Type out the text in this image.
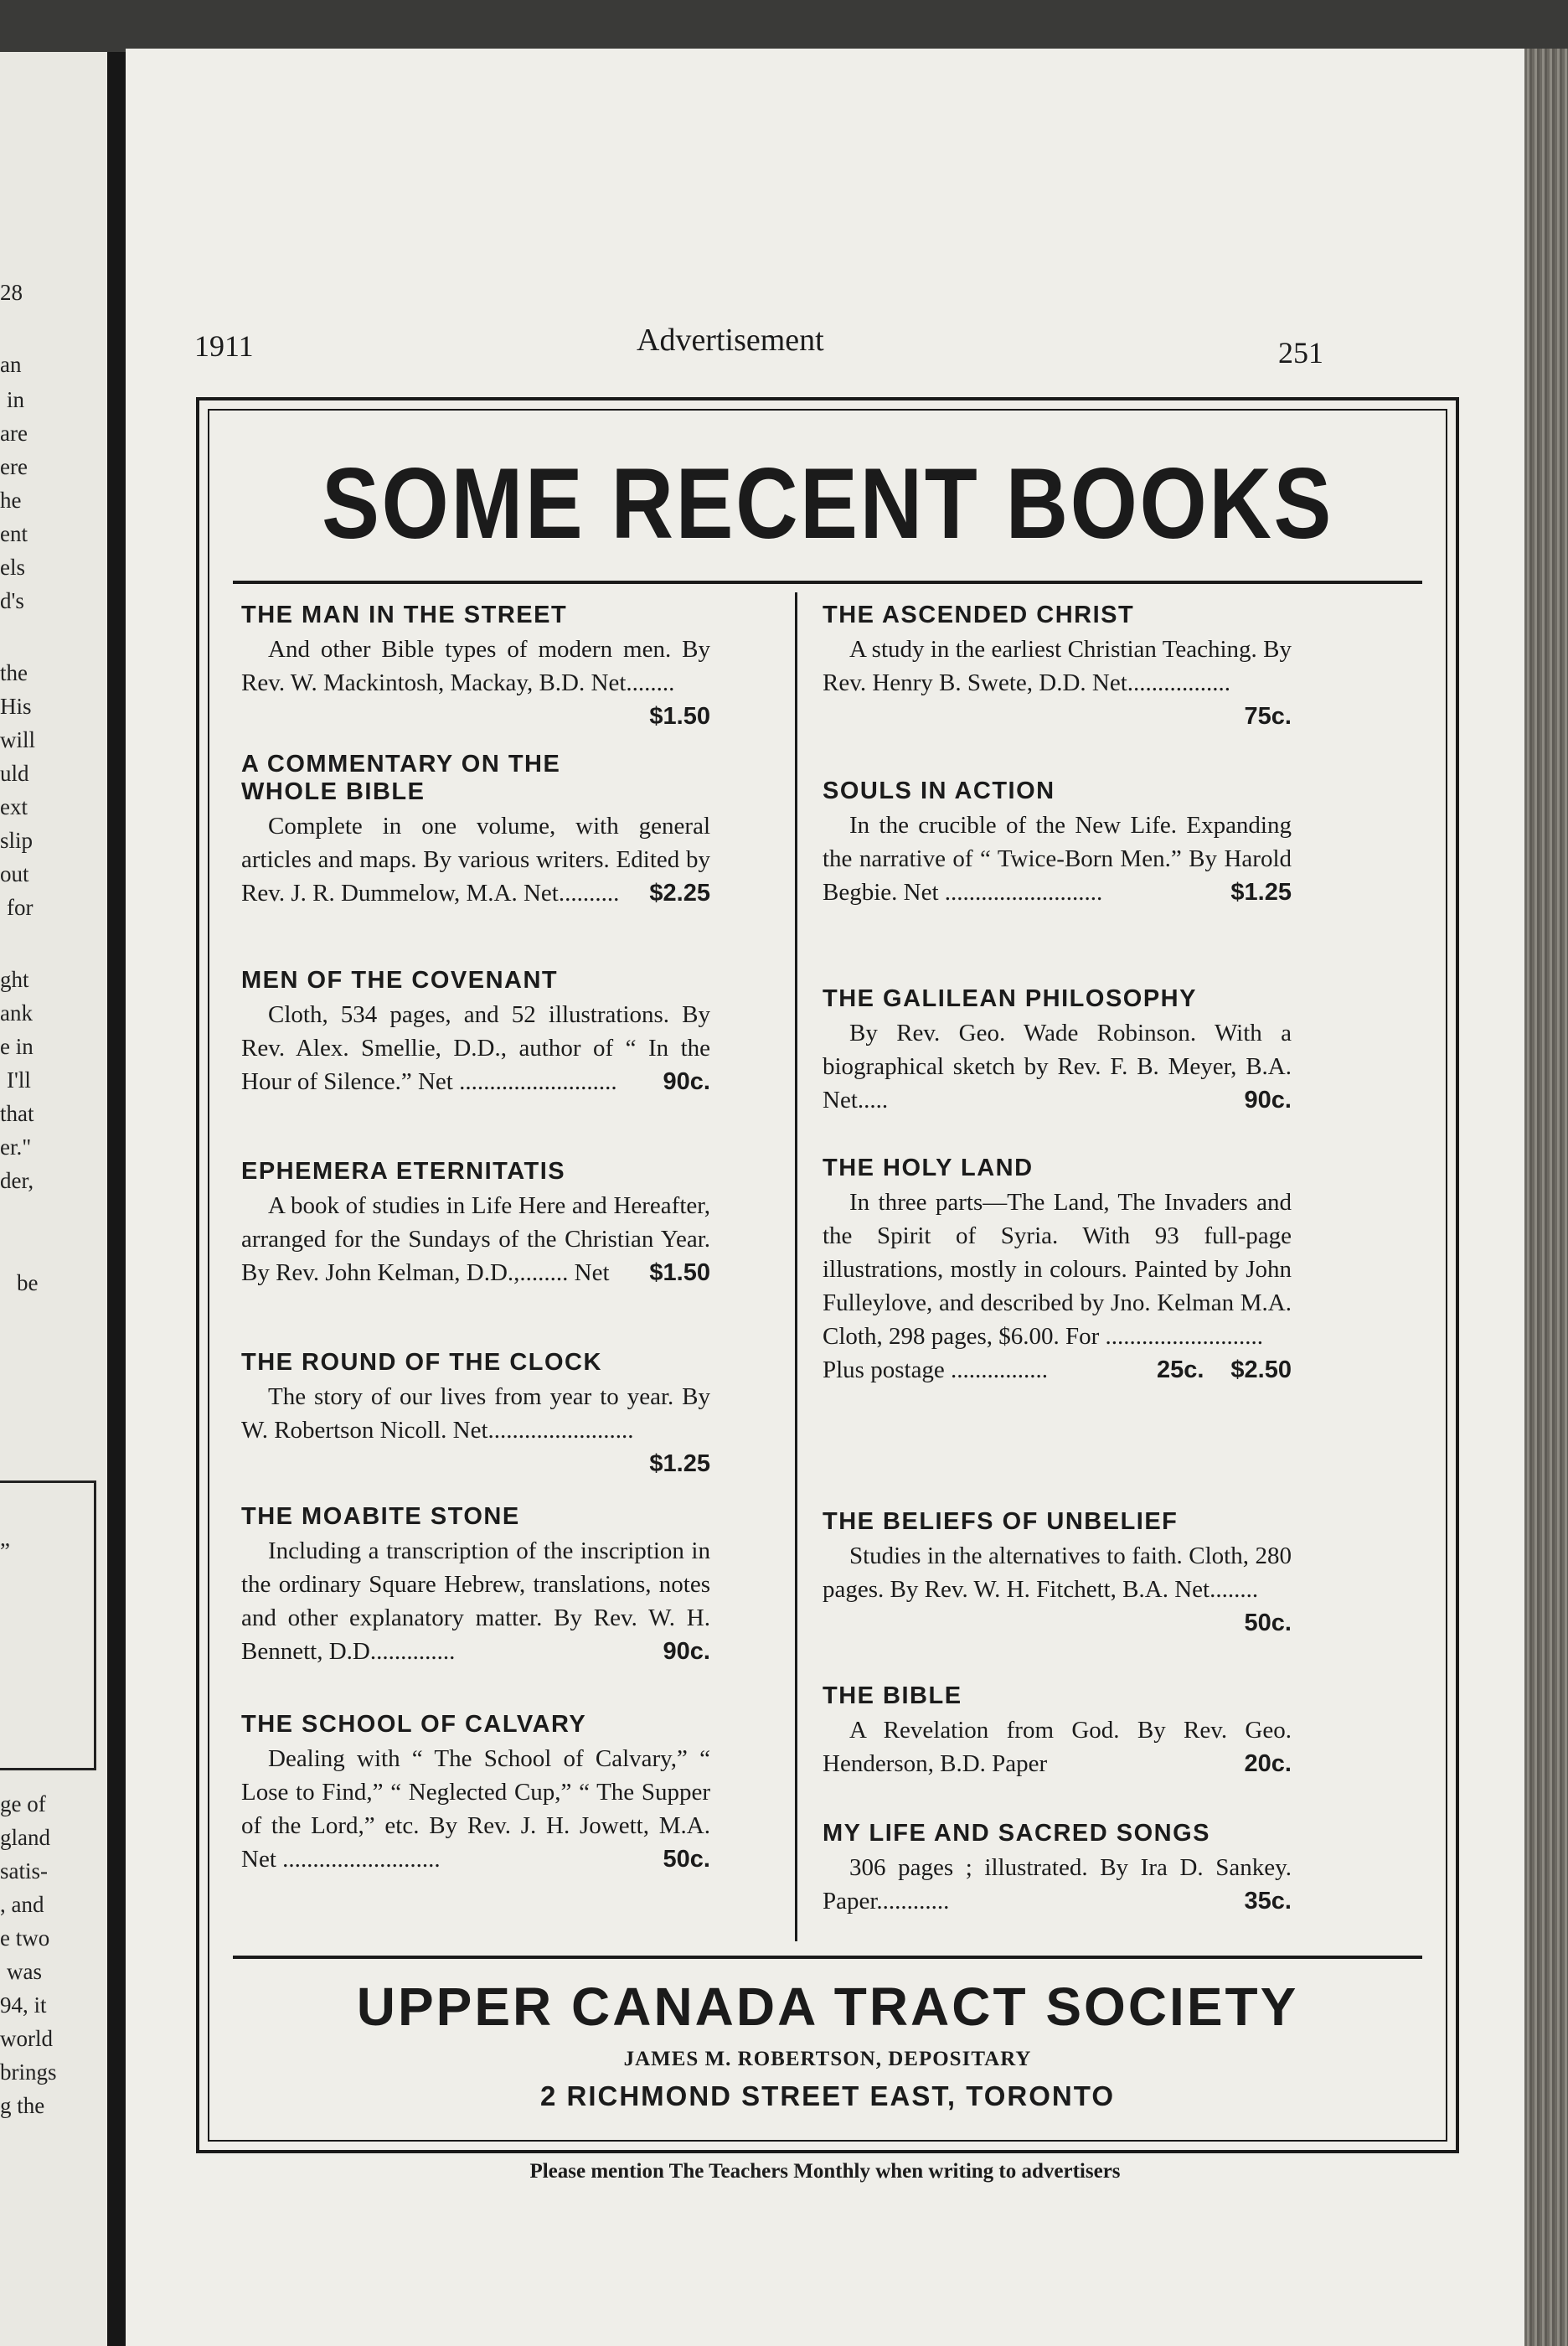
28
an
in
are
ere
he
ent
els
d's
the
His
will
uld
ext
slip
out
for
ght
ank
e in
I'll
that
er."
der,
be
”
ge of
gland
satis-
, and
e two
was
94, it
world
brings
g the
1911	Advertisement	251
SOME RECENT BOOKS
THE MAN IN THE STREET
And other Bible types of modern men. By Rev. W. Mackintosh, Mackay, B.D. Net........
$1.50
A COMMENTARY ON THE
WHOLE BIBLE
Complete in one volume, with general articles and maps. By various writers. Edited by Rev. J. R. Dummelow, M.A. Net..........	$2.25
MEN OF THE COVENANT
Cloth, 534 pages, and 52 illustrations. By Rev. Alex. Smellie, D.D., author of “ In the Hour of Silence.” Net ..........................	90c.
EPHEMERA ETERNITATIS
A book of studies in Life Here and Hereafter, arranged for the Sundays of the Christian Year. By Rev. John Kelman, D.D.,........ Net	$1.50
THE ROUND OF THE CLOCK
The story of our lives from year to year. By W. Robertson Nicoll. Net........................
$1.25
THE MOABITE STONE
Including a transcription of the inscription in the ordinary Square Hebrew, translations, notes and other explanatory matter. By Rev. W. H. Bennett, D.D..............	90c.
THE SCHOOL OF CALVARY
Dealing with “ The School of Calvary,” “ Lose to Find,” “ Neglected Cup,” “ The Supper of the Lord,” etc. By Rev. J. H. Jowett, M.A. Net ..........................	50c.
THE ASCENDED CHRIST
A study in the earliest Christian Teaching. By Rev. Henry B. Swete, D.D. Net.................
75c.
SOULS IN ACTION
In the crucible of the New Life. Expanding the narrative of “ Twice-Born Men.” By Harold Begbie. Net ..........................	$1.25
THE GALILEAN PHILOSOPHY
By Rev. Geo. Wade Robinson. With a biographical sketch by Rev. F. B. Meyer, B.A. Net.....	90c.
THE HOLY LAND
In three parts—The Land, The Invaders and the Spirit of Syria. With 93 full-page illustrations, mostly in colours. Painted by John Fulleylove, and described by Jno. Kelman M.A. Cloth, 298 pages, $6.00. For ..........................
$2.50
Plus postage ................	25c.
THE BELIEFS OF UNBELIEF
Studies in the alternatives to faith. Cloth, 280 pages. By Rev. W. H. Fitchett, B.A. Net........
50c.
THE BIBLE
A Revelation from God. By Rev. Geo. Henderson, B.D. Paper	20c.
MY LIFE AND SACRED SONGS
306 pages ; illustrated. By Ira D. Sankey. Paper............	35c.
UPPER CANADA TRACT SOCIETY
JAMES M. ROBERTSON, DEPOSITARY
2 RICHMOND STREET EAST, TORONTO
Please mention The Teachers Monthly when writing to advertisers
